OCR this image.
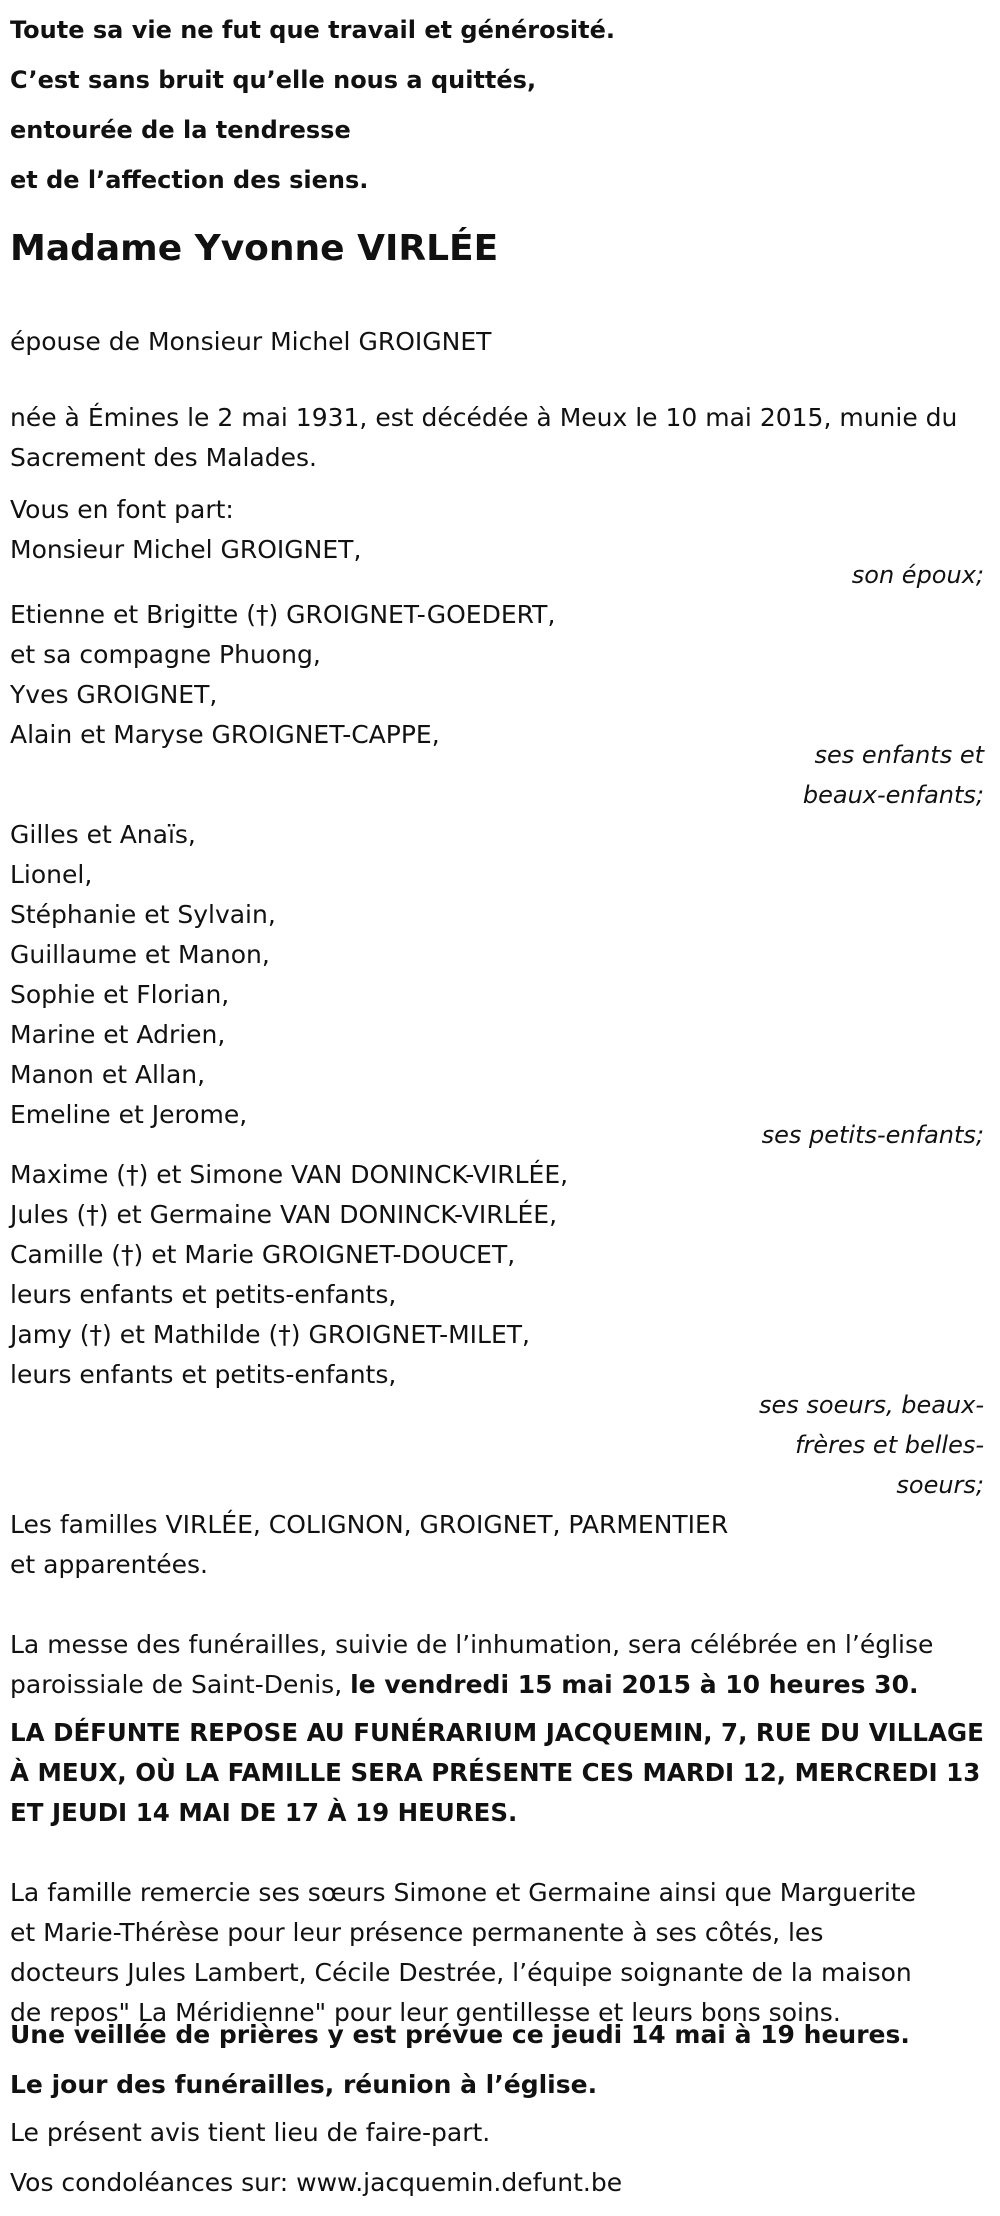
Toute sa vie ne fut que travail et générosité.
C’est sans bruit qu’elle nous a quittés,
entourée de la tendresse
et de l’affection des siens.
Madame Yvonne VIRLÉE
épouse de Monsieur Michel GROIGNET
née à Émines le 2 mai 1931, est décédée à Meux le 10 mai 2015, munie du
Sacrement des Malades.
Vous en font part:
Monsieur Michel GROIGNET,
son époux;
Etienne et Brigitte (†) GROIGNET-GOEDERT,
et sa compagne Phuong,
Yves GROIGNET,
Alain et Maryse GROIGNET-CAPPE,
ses enfants et
beaux-enfants;
Gilles et Anaïs,
Lionel,
Stéphanie et Sylvain,
Guillaume et Manon,
Sophie et Florian,
Marine et Adrien,
Manon et Allan,
Emeline et Jerome,
ses petits-enfants;
Maxime (†) et Simone VAN DONINCK-VIRLÉE,
Jules (†) et Germaine VAN DONINCK-VIRLÉE,
Camille (†) et Marie GROIGNET-DOUCET,
leurs enfants et petits-enfants,
Jamy (†) et Mathilde (†) GROIGNET-MILET,
leurs enfants et petits-enfants,
ses soeurs, beaux-
frères et belles-
soeurs;
Les familles VIRLÉE, COLIGNON, GROIGNET, PARMENTIER
et apparentées.
La messe des funérailles, suivie de l’inhumation, sera célébrée en l’église
paroissiale de Saint-Denis, le vendredi 15 mai 2015 à 10 heures 30.
LA DÉFUNTE REPOSE AU FUNÉRARIUM JACQUEMIN, 7, RUE DU VILLAGE
À MEUX, OÙ LA FAMILLE SERA PRÉSENTE CES MARDI 12, MERCREDI 13
ET JEUDI 14 MAI DE 17 À 19 HEURES.
La famille remercie ses sœurs Simone et Germaine ainsi que Marguerite
et Marie-Thérèse pour leur présence permanente à ses côtés, les
docteurs Jules Lambert, Cécile Destrée, l’équipe soignante de la maison
de repos" La Méridienne" pour leur gentillesse et leurs bons soins.
Une veillée de prières y est prévue ce jeudi 14 mai à 19 heures.
Le jour des funérailles, réunion à l’église.
Le présent avis tient lieu de faire-part.
Vos condoléances sur: www.jacquemin.defunt.be
